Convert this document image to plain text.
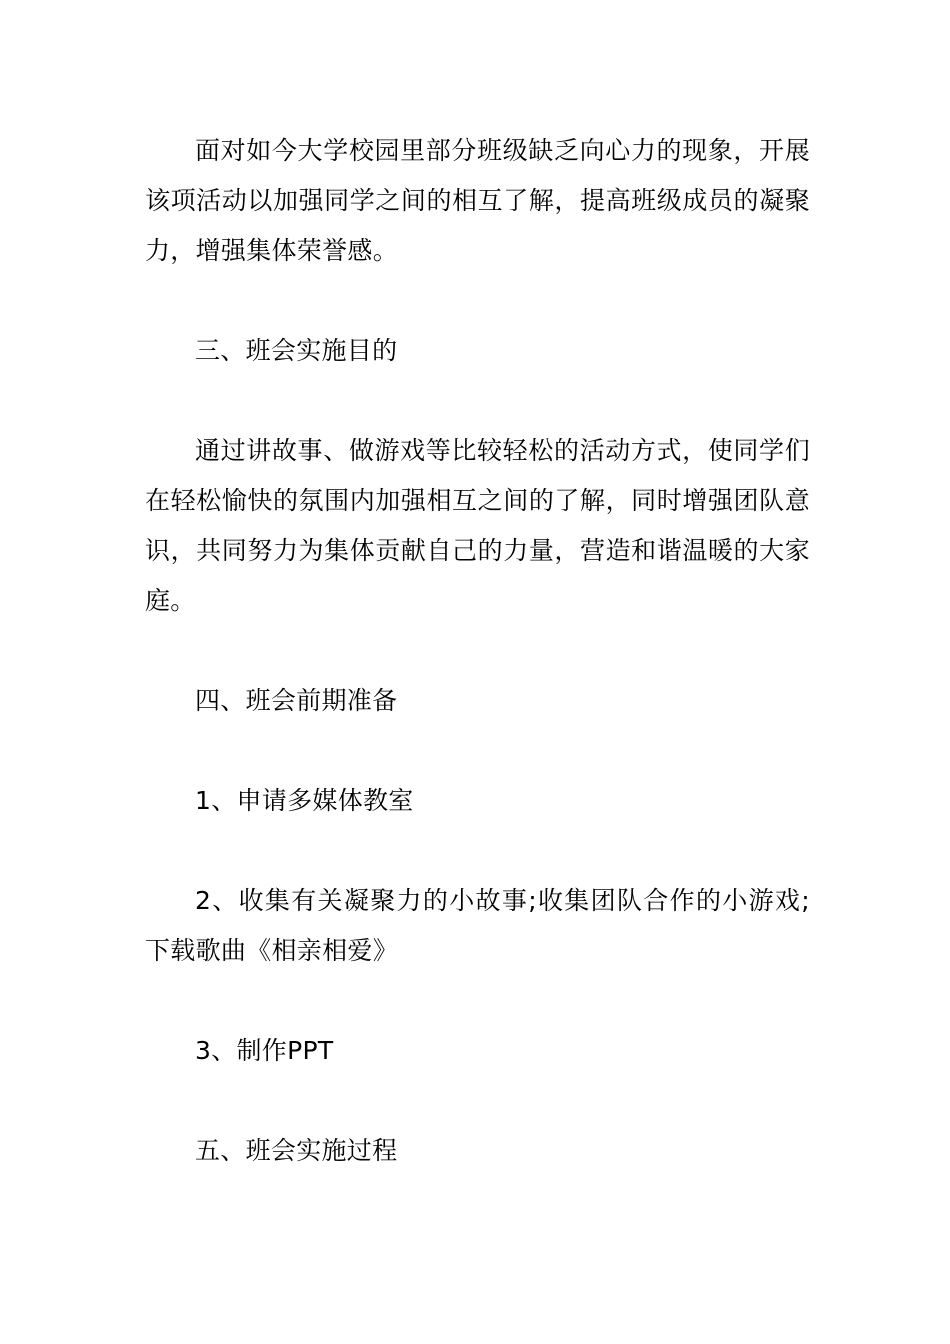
面对如今大学校园里部分班级缺乏向心力的现象，开展该项活动以加强同学之间的相互了解，提高班级成员的凝聚力，增强集体荣誉感。

三、班会实施目的

通过讲故事、做游戏等比较轻松的活动方式，使同学们在轻松愉快的氛围内加强相互之间的了解，同时增强团队意识，共同努力为集体贡献自己的力量，营造和谐温暖的大家庭。

四、班会前期准备

1、申请多媒体教室

2、收集有关凝聚力的小故事;收集团队合作的小游戏;下载歌曲《相亲相爱》

3、制作PPT

五、班会实施过程
